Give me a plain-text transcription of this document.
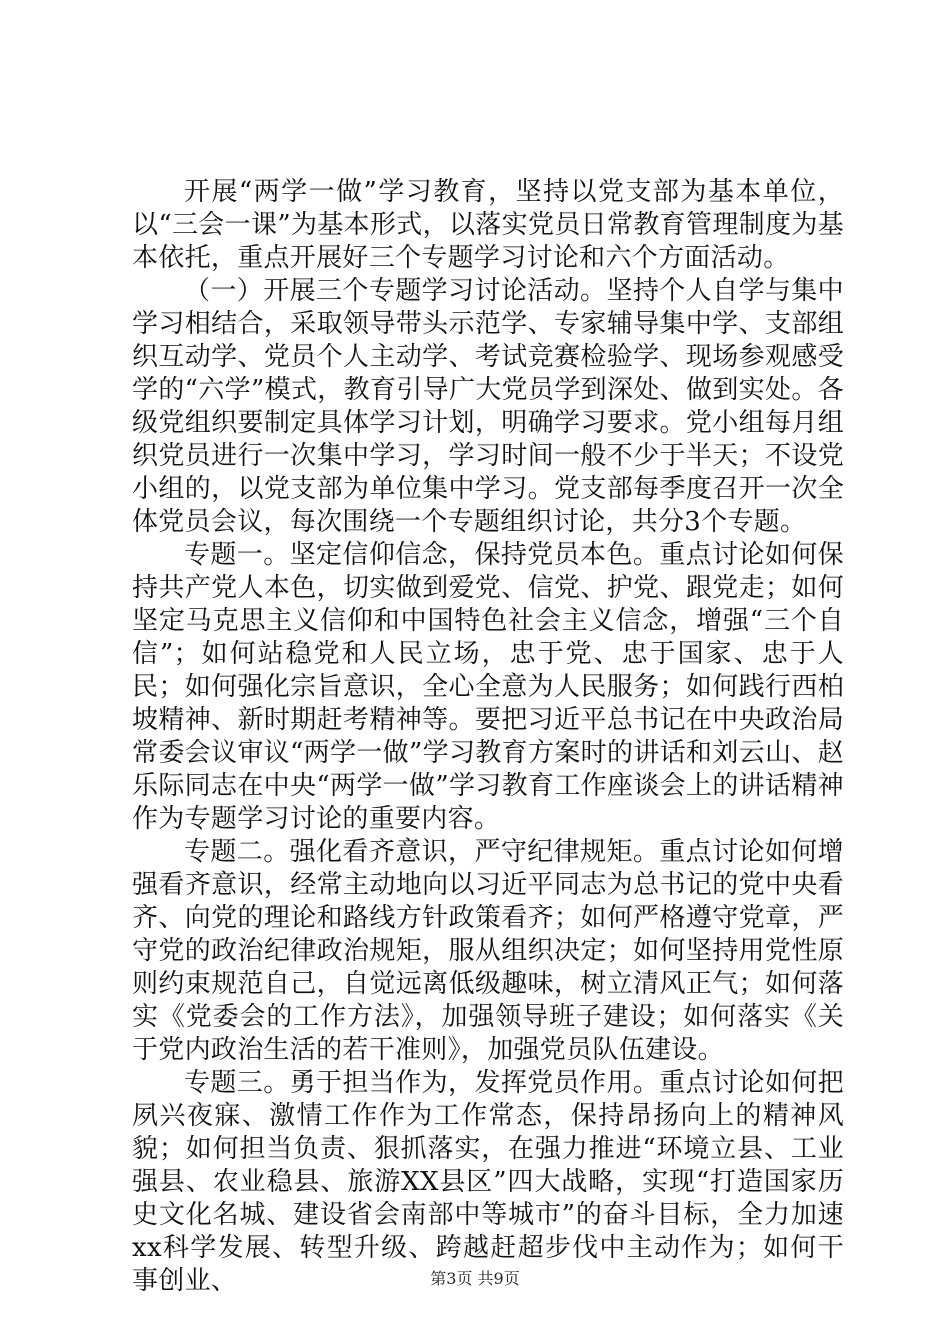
开展“两学一做”学习教育，坚持以党支部为基本单位，以“三会一课”为基本形式，以落实党员日常教育管理制度为基本依托，重点开展好三个专题学习讨论和六个方面活动。

（一）开展三个专题学习讨论活动。坚持个人自学与集中学习相结合，采取领导带头示范学、专家辅导集中学、支部组织互动学、党员个人主动学、考试竞赛检验学、现场参观感受学的“六学”模式，教育引导广大党员学到深处、做到实处。各级党组织要制定具体学习计划，明确学习要求。党小组每月组织党员进行一次集中学习，学习时间一般不少于半天；不设党小组的，以党支部为单位集中学习。党支部每季度召开一次全体党员会议，每次围绕一个专题组织讨论，共分3个专题。

专题一。坚定信仰信念，保持党员本色。重点讨论如何保持共产党人本色，切实做到爱党、信党、护党、跟党走；如何坚定马克思主义信仰和中国特色社会主义信念，增强“三个自信”；如何站稳党和人民立场，忠于党、忠于国家、忠于人民；如何强化宗旨意识，全心全意为人民服务；如何践行西柏坡精神、新时期赶考精神等。要把习近平总书记在中央政治局常委会议审议“两学一做”学习教育方案时的讲话和刘云山、赵乐际同志在中央“两学一做”学习教育工作座谈会上的讲话精神作为专题学习讨论的重要内容。

专题二。强化看齐意识，严守纪律规矩。重点讨论如何增强看齐意识，经常主动地向以习近平同志为总书记的党中央看齐、向党的理论和路线方针政策看齐；如何严格遵守党章，严守党的政治纪律政治规矩，服从组织决定；如何坚持用党性原则约束规范自己，自觉远离低级趣味，树立清风正气；如何落实《党委会的工作方法》，加强领导班子建设；如何落实《关于党内政治生活的若干准则》，加强党员队伍建设。

专题三。勇于担当作为，发挥党员作用。重点讨论如何把夙兴夜寐、激情工作作为工作常态，保持昂扬向上的精神风貌；如何担当负责、狠抓落实，在强力推进“环境立县、工业强县、农业稳县、旅游XX县区”四大战略，实现“打造国家历史文化名城、建设省会南部中等城市”的奋斗目标，全力加速xx科学发展、转型升级、跨越赶超步伐中主动作为；如何干事创业、	第3页 共9页
